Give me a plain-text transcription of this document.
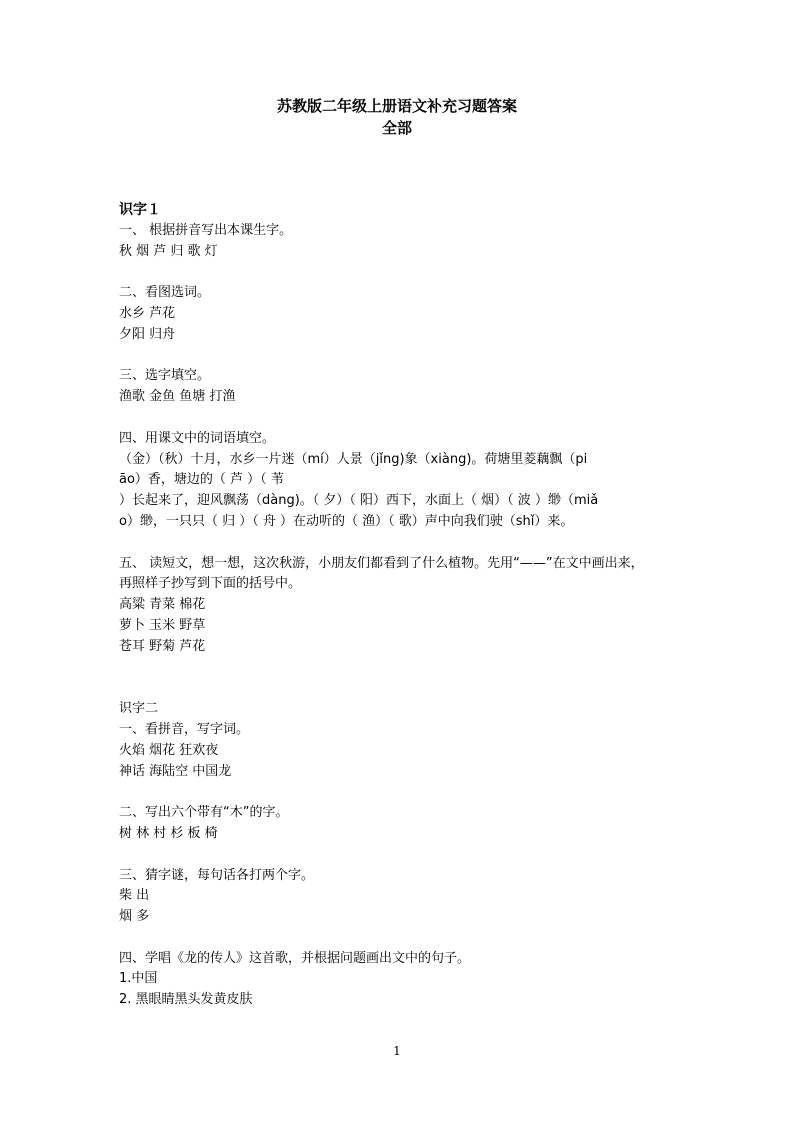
苏教版二年级上册语文补充习题答案
全部
识字１
一、 根据拼音写出本课生字。
秋 烟 芦 归 歌 灯
二、看图选词。
水乡 芦花
夕阳 归舟
三、选字填空。
渔歌 金鱼 鱼塘 打渔
四、用课文中的词语填空。
（金）（秋）十月，水乡一片迷（mí）人景（jǐng)象（xiàng)。荷塘里菱藕飘（pi
āo）香，塘边的（ 芦 ）（ 苇
）长起来了，迎风飘荡（dàng)。（ 夕）（ 阳）西下，水面上（ 烟）（ 波 ）缈（miǎ
o）缈，一只只（ 归 ）（ 舟 ）在动听的（ 渔）（ 歌）声中向我们驶（shǐ）来。
五、 读短文，想一想，这次秋游，小朋友们都看到了什么植物。先用“——”在文中画出来，
再照样子抄写到下面的括号中。
高粱 青菜 棉花
萝卜 玉米 野草
苍耳 野菊 芦花
识字二
一、看拼音，写字词。
火焰 烟花 狂欢夜
神话 海陆空 中国龙
二、写出六个带有“木”的字。
树 林 村 杉 板 椅
三、猜字谜，每句话各打两个字。
柴 出
烟 多
四、学唱《龙的传人》这首歌，并根据问题画出文中的句子。
1.中国
2. 黑眼睛黑头发黄皮肤
1
